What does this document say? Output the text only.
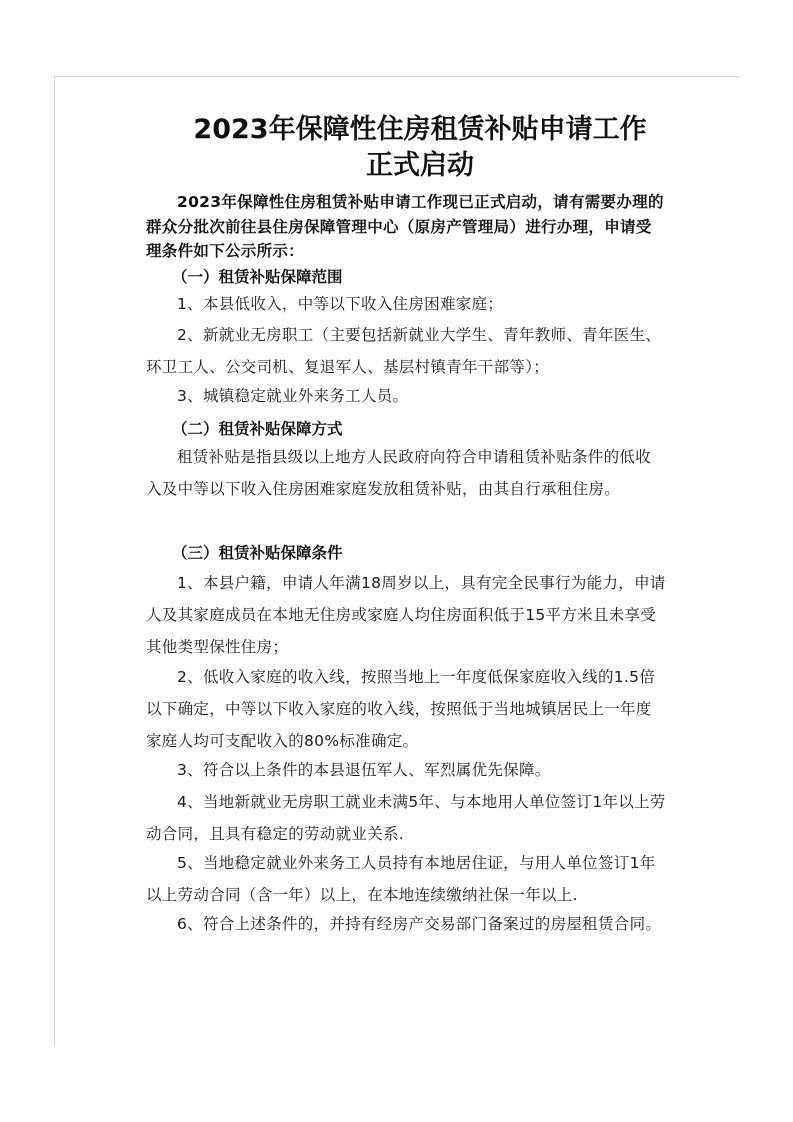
2023年保障性住房租赁补贴申请工作
正式启动
2023年保障性住房租赁补贴申请工作现已正式启动，请有需要办理的群众分批次前往县住房保障管理中心（原房产管理局）进行办理，申请受理条件如下公示所示：
（一）租赁补贴保障范围
1、本县低收入，中等以下收入住房困难家庭；
2、新就业无房职工（主要包括新就业大学生、青年教师、青年医生、环卫工人、公交司机、复退军人、基层村镇青年干部等）；
3、城镇稳定就业外来务工人员。
（二）租赁补贴保障方式
租赁补贴是指县级以上地方人民政府向符合申请租赁补贴条件的低收入及中等以下收入住房困难家庭发放租赁补贴，由其自行承租住房。
（三）租赁补贴保障条件
1、本县户籍，申请人年满18周岁以上，具有完全民事行为能力，申请人及其家庭成员在本地无住房或家庭人均住房面积低于15平方米且未享受其他类型保性住房；
2、低收入家庭的收入线，按照当地上一年度低保家庭收入线的1.5倍以下确定，中等以下收入家庭的收入线，按照低于当地城镇居民上一年度家庭人均可支配收入的80%标准确定。
3、符合以上条件的本县退伍军人、军烈属优先保障。
4、当地新就业无房职工就业未满5年、与本地用人单位签订1年以上劳动合同，且具有稳定的劳动就业关系.
5、当地稳定就业外来务工人员持有本地居住证，与用人单位签订1年以上劳动合同（含一年）以上，在本地连续缴纳社保一年以上.
6、符合上述条件的，并持有经房产交易部门备案过的房屋租赁合同。
